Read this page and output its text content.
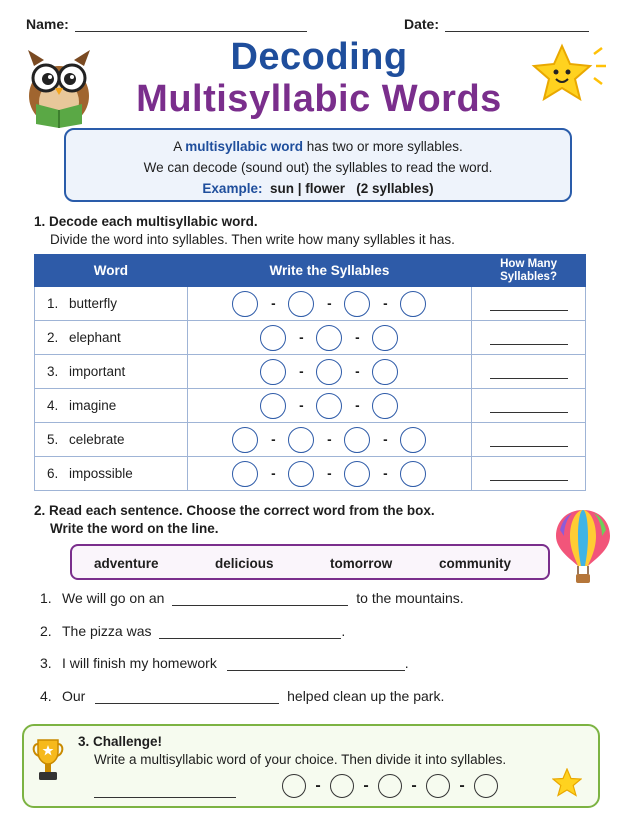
Name:	Date:
Decoding
Multisyllabic Words
A multisyllabic word has two or more syllables.
We can decode (sound out) the syllables to read the word.
Example: sun | flower (2 syllables)
1. Decode each multisyllabic word.
Divide the word into syllables. Then write how many syllables it has.
Word	Write the Syllables	How Many
Syllables?
1. butterfly	- - -	
2. elephant	- -	
3. important	- -	
4. imagine	- -	
5. celebrate	- - -	
6. impossible	- - -	
2. Read each sentence. Choose the correct word from the box.
Write the word on the line.
adventure	delicious	tomorrow	community
1. We will go on an	to the mountains.
2. The pizza was	.
3. I will finish my homework	.
4. Our	helped clean up the park.
3. Challenge!
Write a multisyllabic word of your choice. Then divide it into syllables.
-	-	-	-
